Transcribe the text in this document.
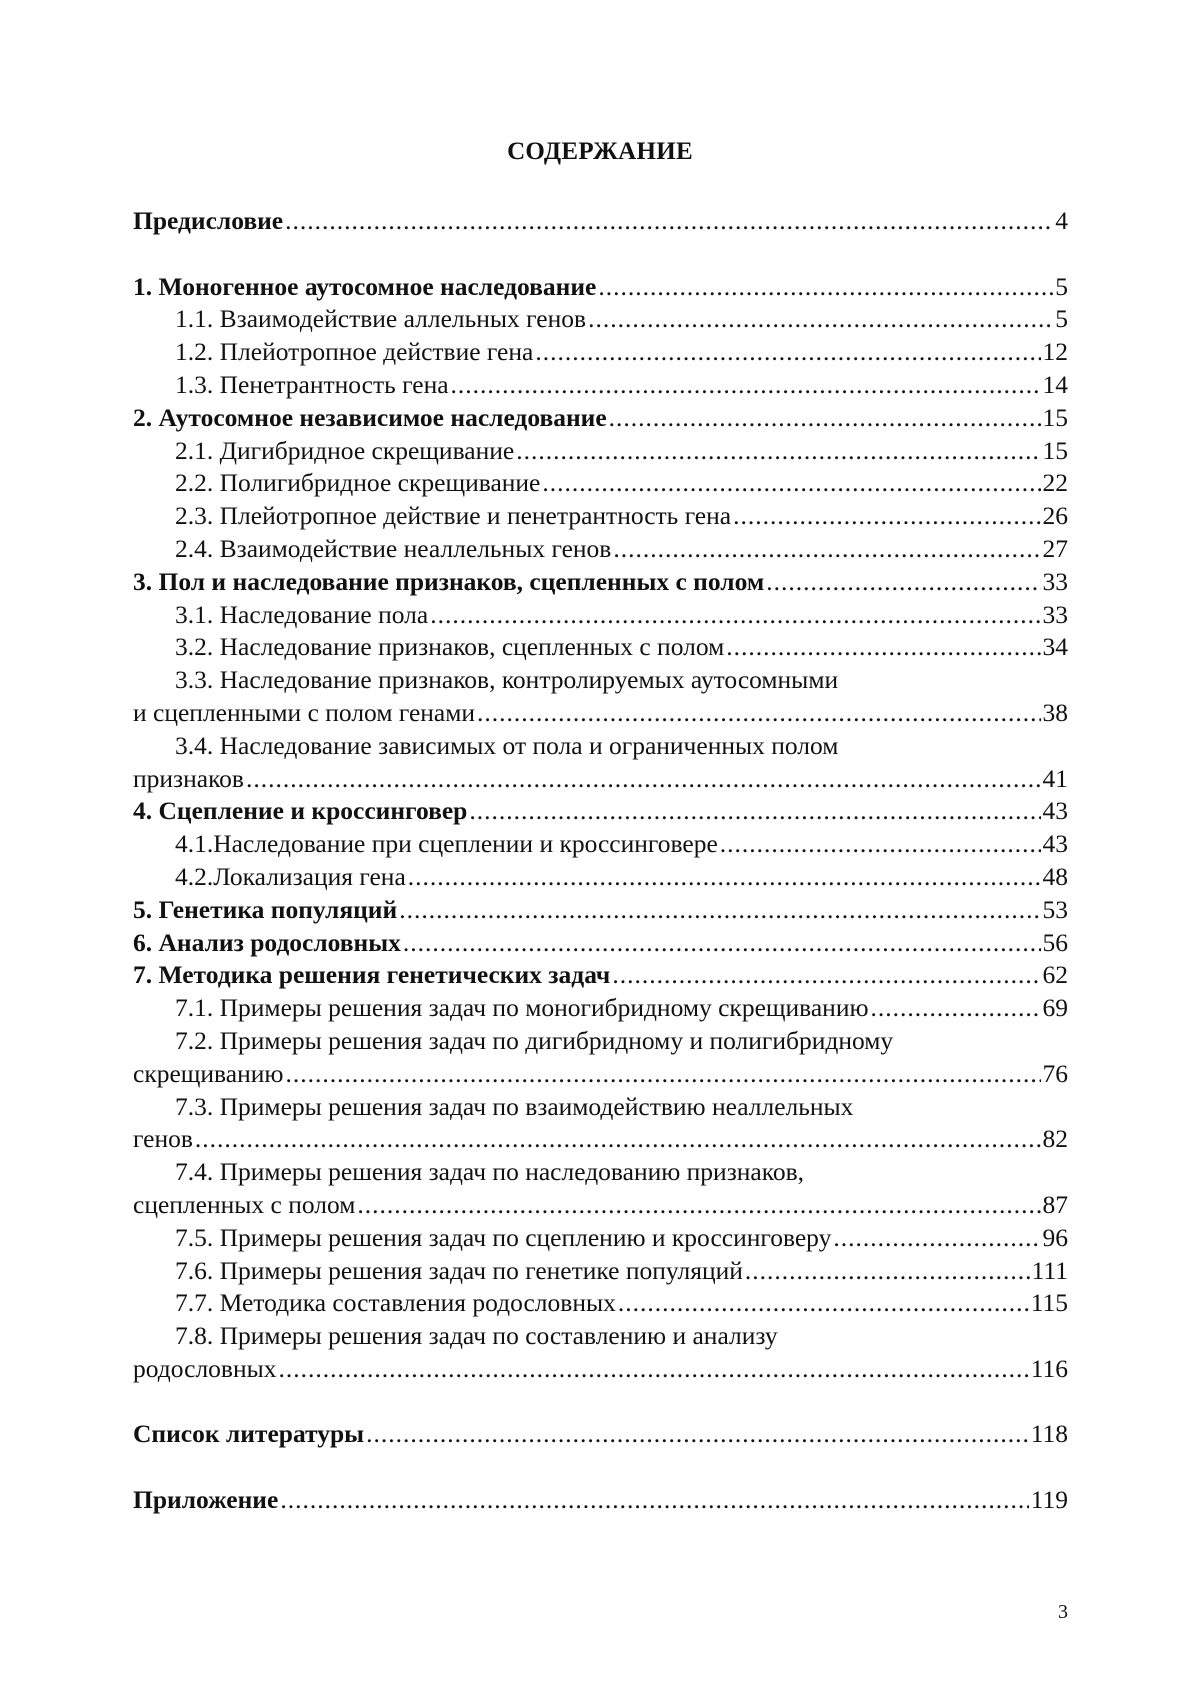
СОДЕРЖАНИЕ
Предисловие .....	4
1. Моногенное аутосомное наследование .....	5
1.1. Взаимодействие аллельных генов .....	5
1.2. Плейотропное действие гена .....	12
1.3. Пенетрантность гена .....	14
2. Аутосомное независимое наследование .....	15
2.1. Дигибридное скрещивание .....	15
2.2. Полигибридное скрещивание .....	22
2.3. Плейотропное действие и пенетрантность гена .....	26
2.4. Взаимодействие неаллельных генов .....	27
3. Пол и наследование признаков, сцепленных с полом .....	33
3.1. Наследование пола .....	33
3.2. Наследование признаков, сцепленных с полом .....	34
3.3. Наследование признаков, контролируемых аутосомными
и сцепленными с полом генами .....	38
3.4. Наследование зависимых от пола и ограниченных полом
признаков .....	41
4. Сцепление и кроссинговер .....	43
4.1.Наследование при сцеплении и кроссинговере .....	43
4.2.Локализация гена .....	48
5. Генетика популяций .....	53
6. Анализ родословных .....	56
7. Методика решения генетических задач .....	62
7.1. Примеры решения задач по моногибридному скрещиванию .....	69
7.2. Примеры решения задач по дигибридному и полигибридному
скрещиванию .....	76
7.3. Примеры решения задач по взаимодействию неаллельных
генов .....	82
7.4. Примеры решения задач по наследованию признаков,
сцепленных с полом .....	87
7.5. Примеры решения задач по сцеплению и кроссинговеру .....	96
7.6. Примеры решения задач по генетике популяций .....	111
7.7. Методика составления родословных .....	115
7.8. Примеры решения задач по составлению и анализу
родословных .....	116
Список литературы .....	118
Приложение .....	119
3
